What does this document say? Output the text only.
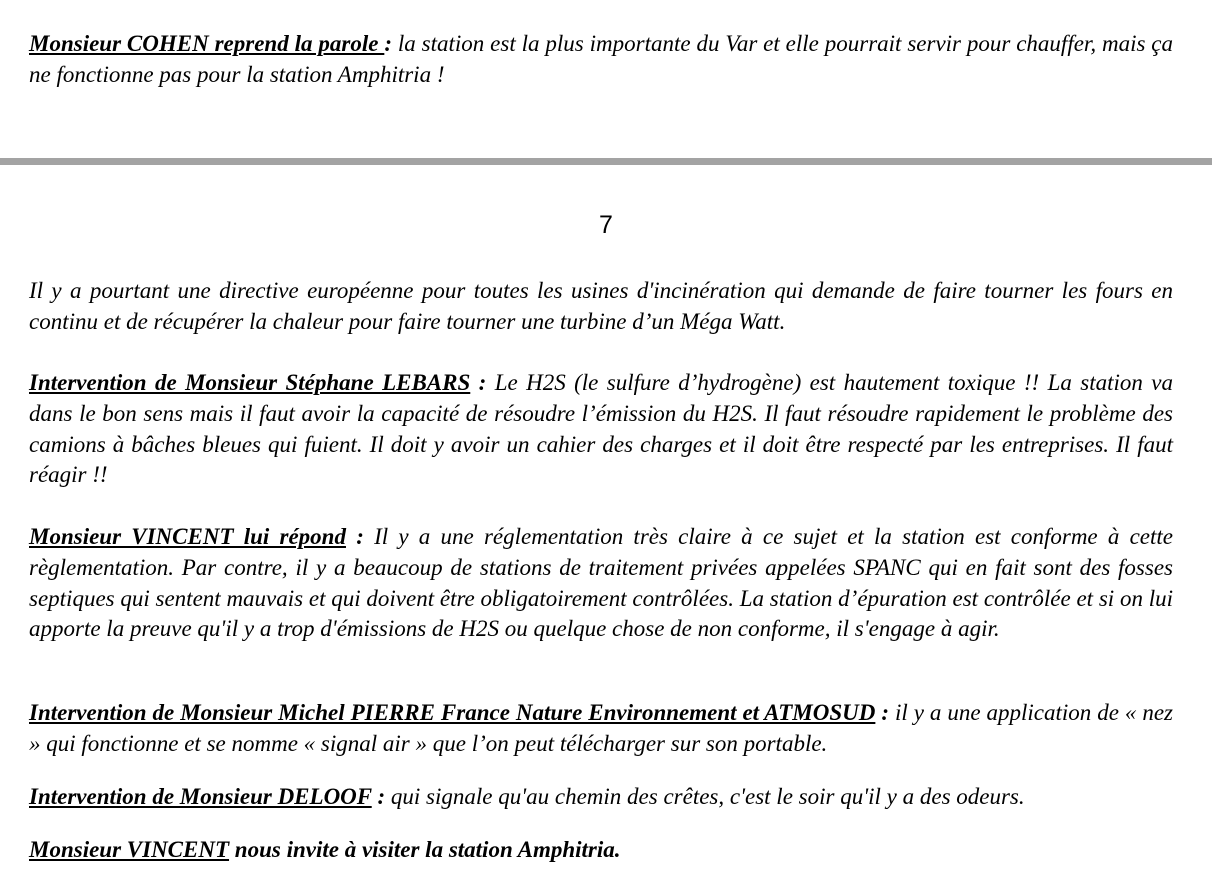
Monsieur COHEN reprend la parole : la station est la plus importante du Var et elle pourrait servir pour chauffer, mais ça ne fonctionne pas pour la station Amphitria !

7

Il y a pourtant une directive européenne pour toutes les usines d'incinération qui demande de faire tourner les fours en continu et de récupérer la chaleur pour faire tourner une turbine d’un Méga Watt.

Intervention de Monsieur Stéphane LEBARS : Le H2S (le sulfure d’hydrogène) est hautement toxique !! La station va dans le bon sens mais il faut avoir la capacité de résoudre l’émission du H2S. Il faut résoudre rapidement le problème des camions à bâches bleues qui fuient. Il doit y avoir un cahier des charges et il doit être respecté par les entreprises. Il faut réagir !!

Monsieur VINCENT lui répond : Il y a une réglementation très claire à ce sujet et la station est conforme à cette règlementation. Par contre, il y a beaucoup de stations de traitement privées appelées SPANC qui en fait sont des fosses septiques qui sentent mauvais et qui doivent être obligatoirement contrôlées. La station d’épuration est contrôlée et si on lui apporte la preuve qu'il y a trop d'émissions de H2S ou quelque chose de non conforme, il s'engage à agir.

Intervention de Monsieur Michel PIERRE France Nature Environnement et ATMOSUD : il y a une application de « nez » qui fonctionne et se nomme « signal air » que l’on peut télécharger sur son portable.

Intervention de Monsieur DELOOF : qui signale qu'au chemin des crêtes, c'est le soir qu'il y a des odeurs.

Monsieur VINCENT nous invite à visiter la station Amphitria.
